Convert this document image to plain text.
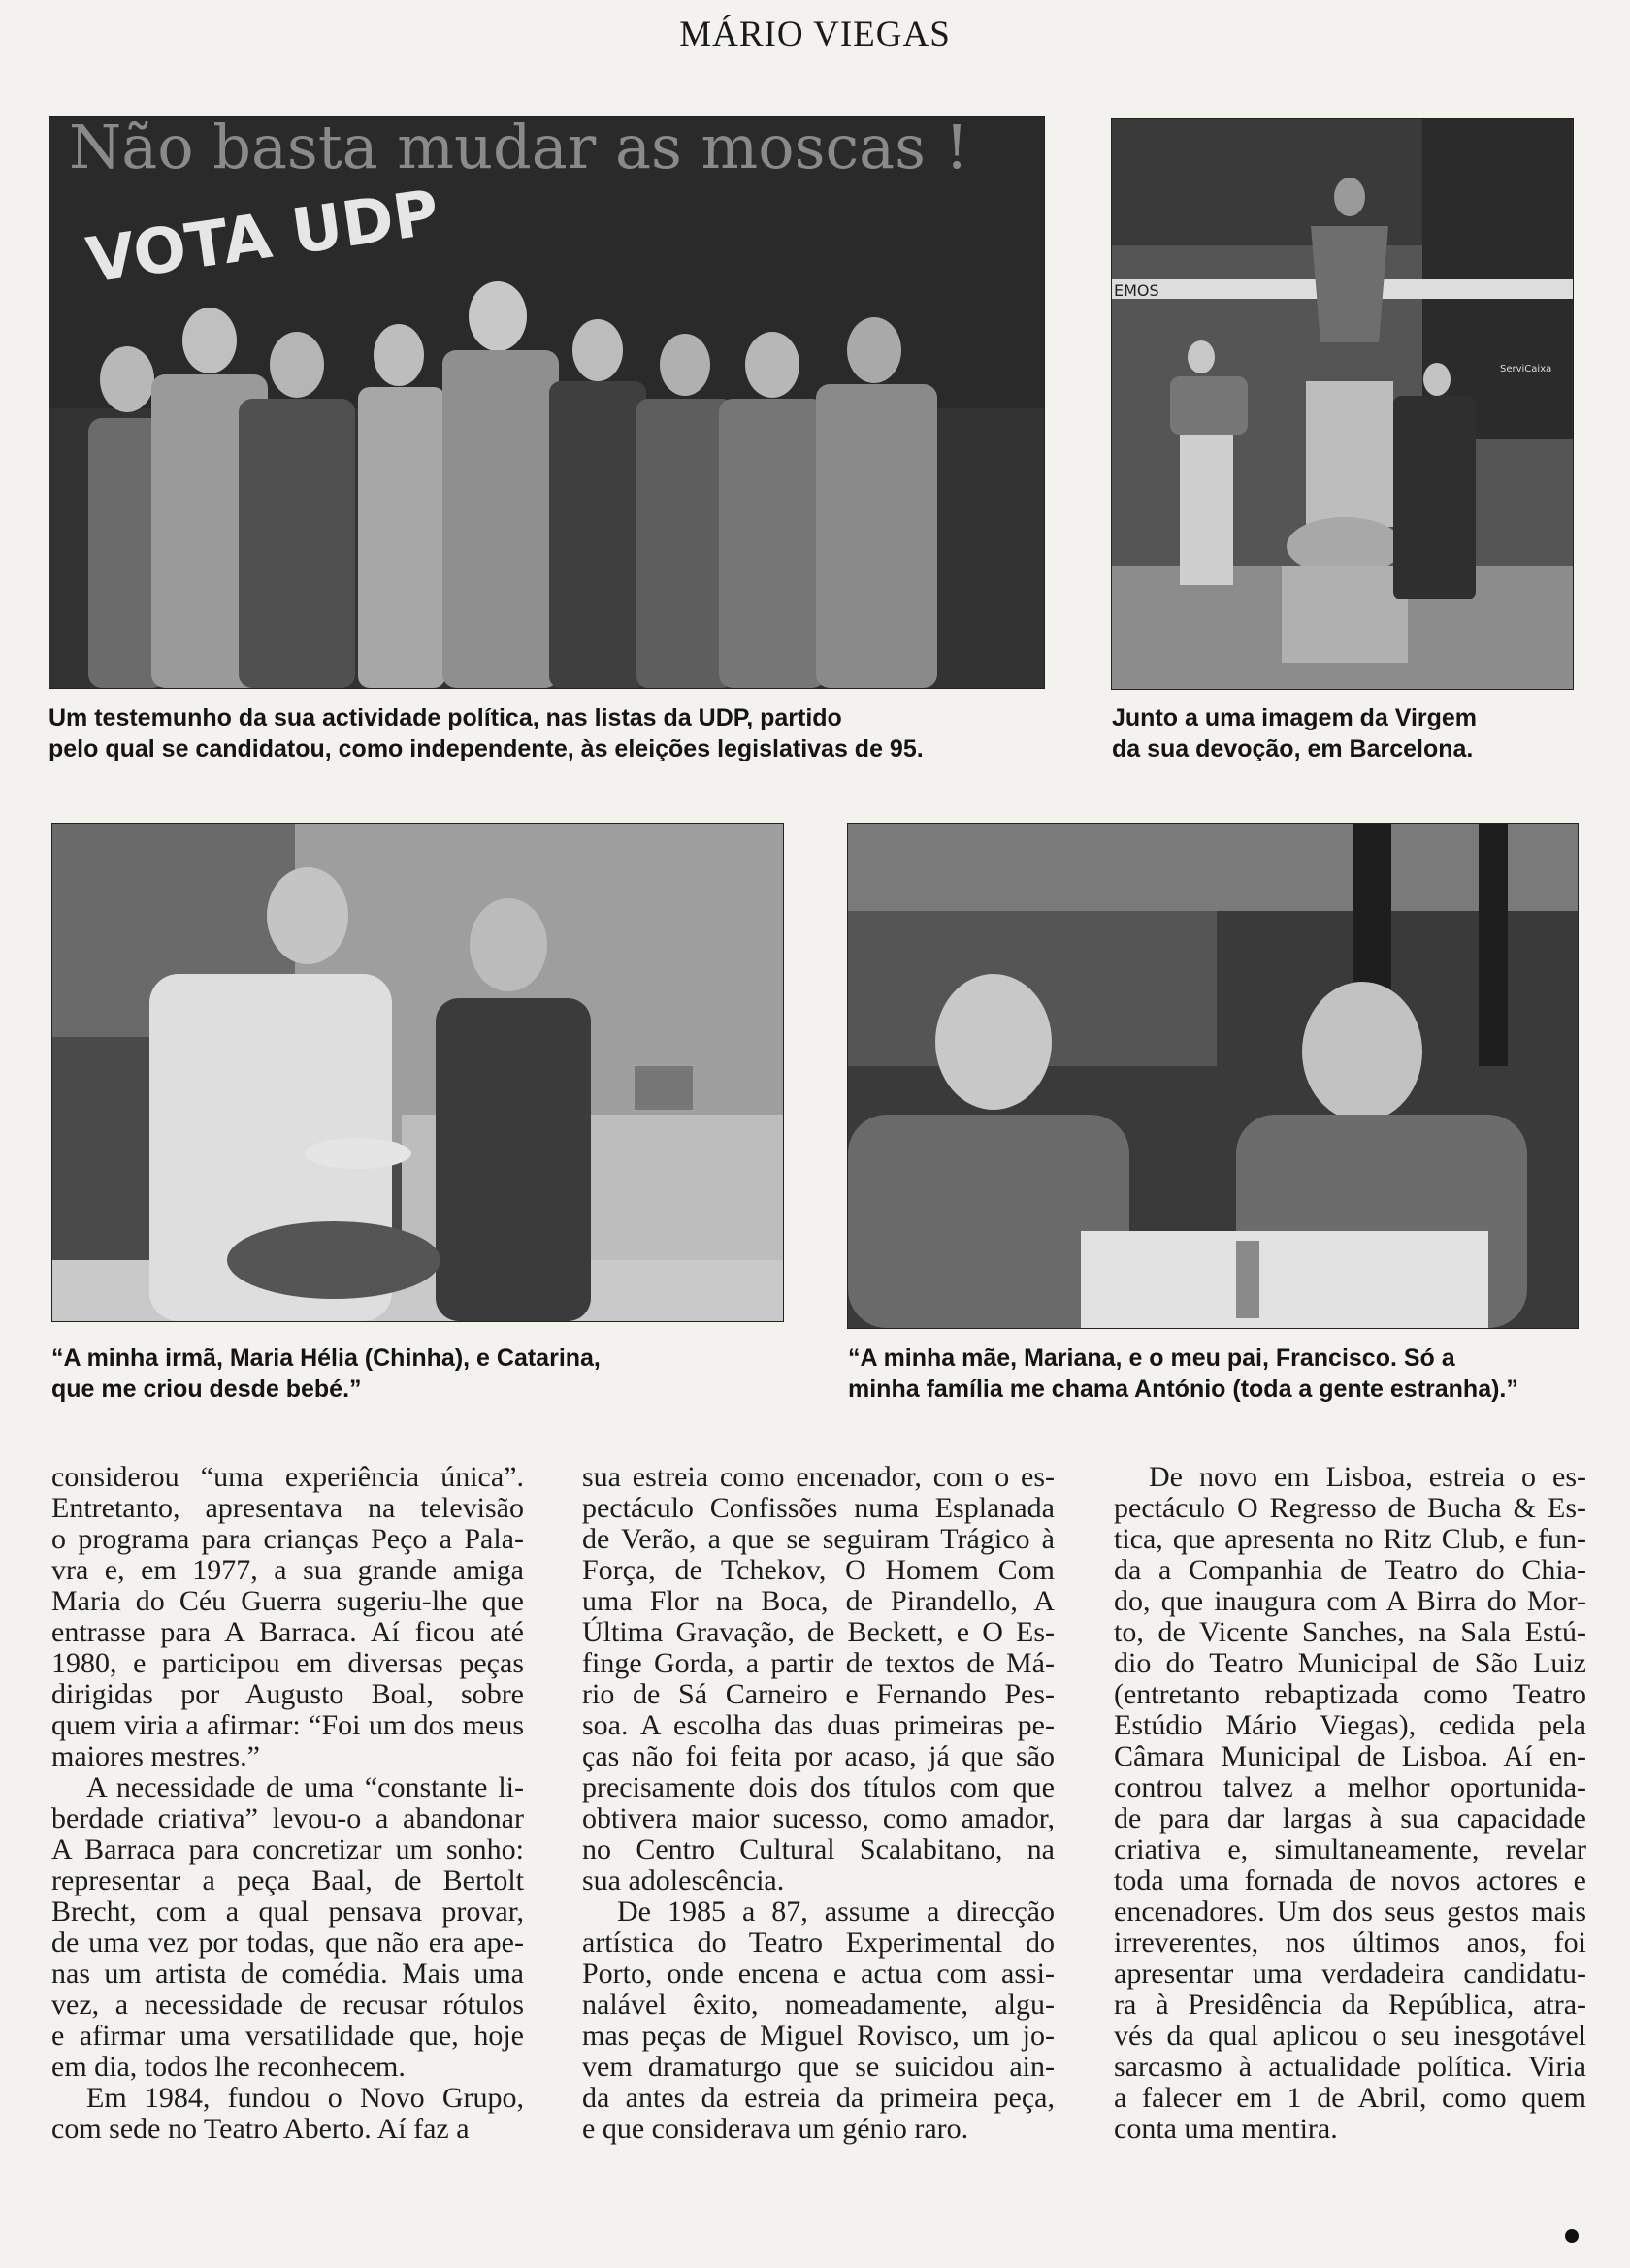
MÁRIO VIEGAS
Não basta mudar as moscas !
VOTA UDP	EMOS
ServiCaixa
Um testemunho da sua actividade política, nas listas da UDP, partido
pelo qual se candidatou, como independente, às eleições legislativas de 95.
Junto a uma imagem da Virgem
da sua devoção, em Barcelona.
“A minha irmã, Maria Hélia (Chinha), e Catarina,
que me criou desde bebé.”
“A minha mãe, Mariana, e o meu pai, Francisco. Só a
minha família me chama António (toda a gente estranha).”
considerou “uma experiência única”.
Entretanto, apresentava na televisão
o programa para crianças Peço a Pala-
vra e, em 1977, a sua grande amiga
Maria do Céu Guerra sugeriu-lhe que
entrasse para A Barraca. Aí ficou até
1980, e participou em diversas peças
dirigidas por Augusto Boal, sobre
quem viria a afirmar: “Foi um dos meus
maiores mestres.”
A necessidade de uma “constante li-
berdade criativa” levou-o a abandonar
A Barraca para concretizar um sonho:
representar a peça Baal, de Bertolt
Brecht, com a qual pensava provar,
de uma vez por todas, que não era ape-
nas um artista de comédia. Mais uma
vez, a necessidade de recusar rótulos
e afirmar uma versatilidade que, hoje
em dia, todos lhe reconhecem.
Em 1984, fundou o Novo Grupo,
com sede no Teatro Aberto. Aí faz a
sua estreia como encenador, com o es-
pectáculo Confissões numa Esplanada
de Verão, a que se seguiram Trágico à
Força, de Tchekov, O Homem Com
uma Flor na Boca, de Pirandello, A
Última Gravação, de Beckett, e O Es-
finge Gorda, a partir de textos de Má-
rio de Sá Carneiro e Fernando Pes-
soa. A escolha das duas primeiras pe-
ças não foi feita por acaso, já que são
precisamente dois dos títulos com que
obtivera maior sucesso, como amador,
no Centro Cultural Scalabitano, na
sua adolescência.
De 1985 a 87, assume a direcção
artística do Teatro Experimental do
Porto, onde encena e actua com assi-
nalável êxito, nomeadamente, algu-
mas peças de Miguel Rovisco, um jo-
vem dramaturgo que se suicidou ain-
da antes da estreia da primeira peça,
e que considerava um génio raro.
De novo em Lisboa, estreia o es-
pectáculo O Regresso de Bucha & Es-
tica, que apresenta no Ritz Club, e fun-
da a Companhia de Teatro do Chia-
do, que inaugura com A Birra do Mor-
to, de Vicente Sanches, na Sala Estú-
dio do Teatro Municipal de São Luiz
(entretanto rebaptizada como Teatro
Estúdio Mário Viegas), cedida pela
Câmara Municipal de Lisboa. Aí en-
controu talvez a melhor oportunida-
de para dar largas à sua capacidade
criativa e, simultaneamente, revelar
toda uma fornada de novos actores e
encenadores. Um dos seus gestos mais
irreverentes, nos últimos anos, foi
apresentar uma verdadeira candidatu-
ra à Presidência da República, atra-
vés da qual aplicou o seu inesgotável
sarcasmo à actualidade política. Viria
a falecer em 1 de Abril, como quem
conta uma mentira.
